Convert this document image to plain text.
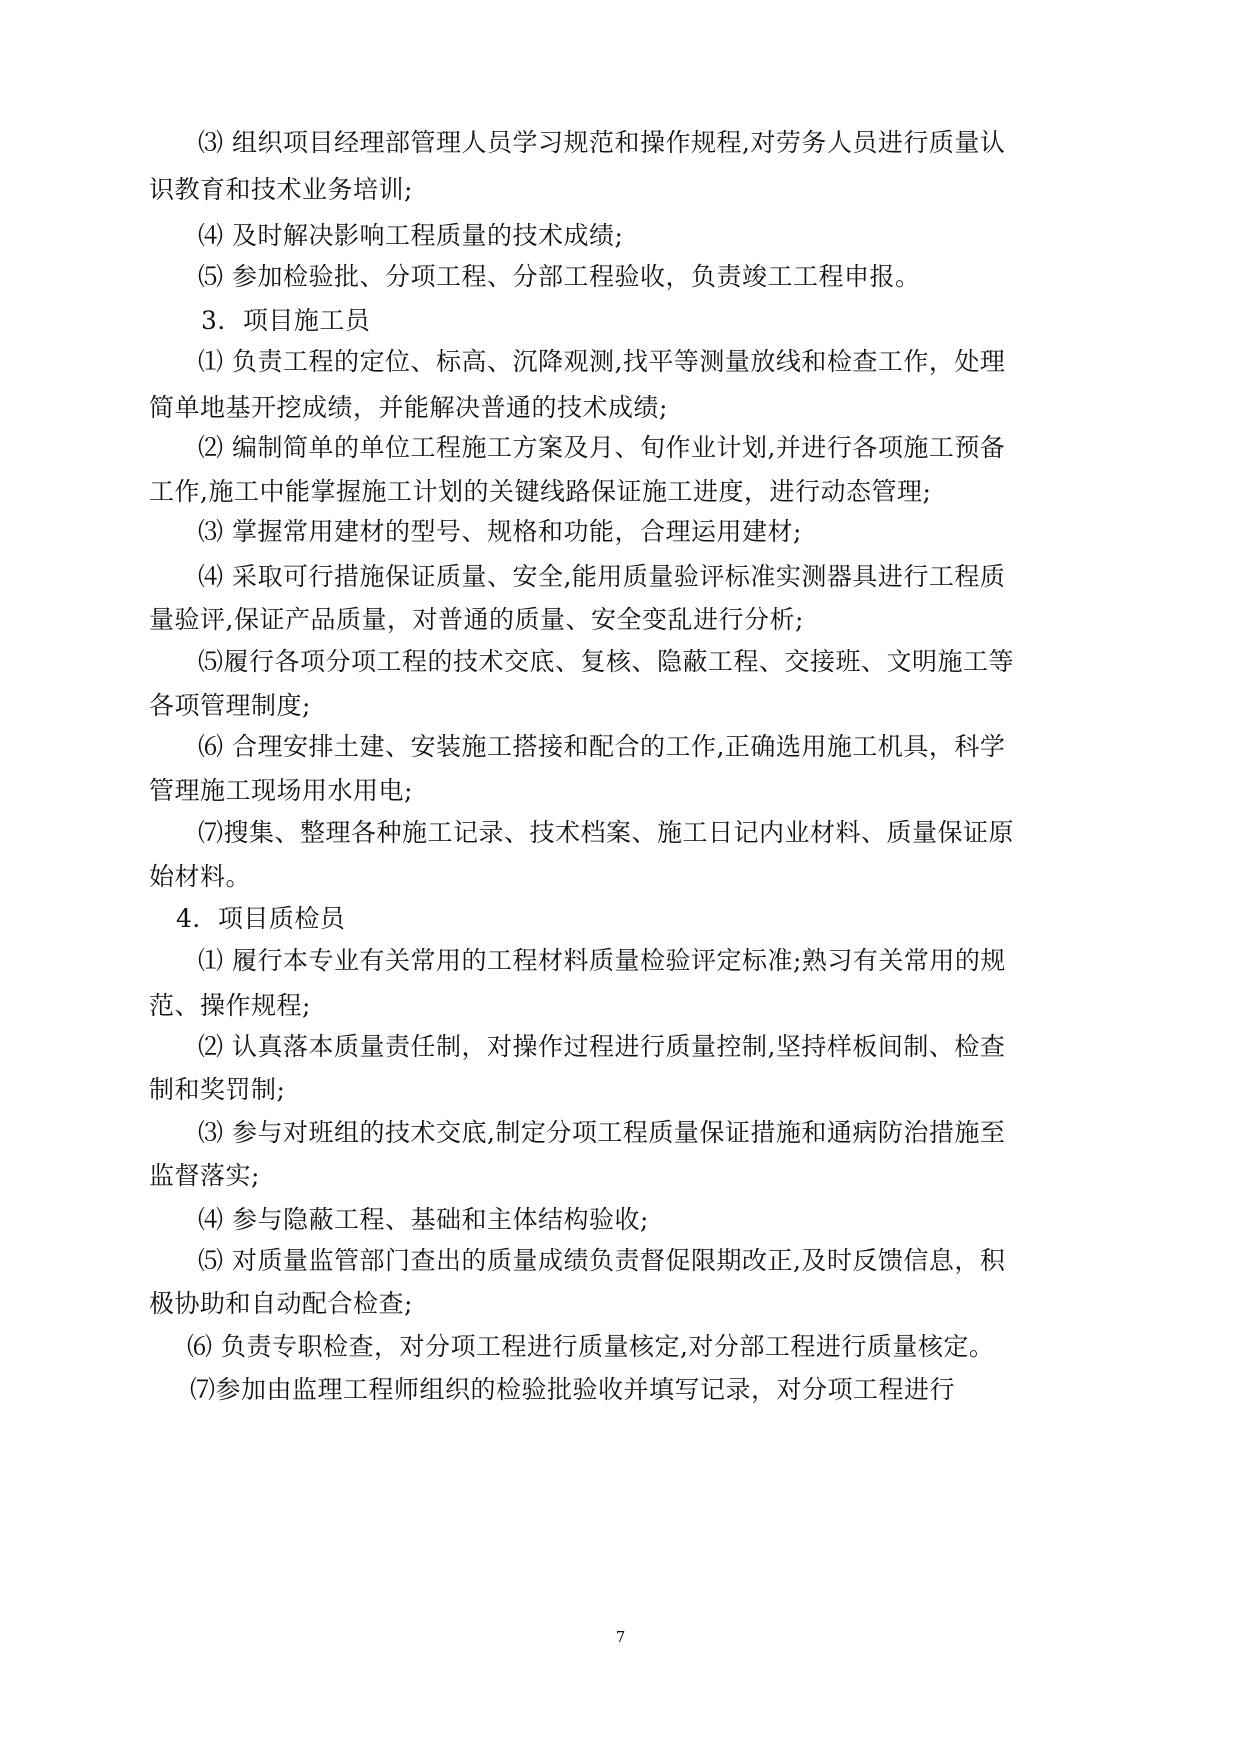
⑶ 组织项目经理部管理人员学习规范和操作规程,对劳务人员进行质量认
识教育和技术业务培训;
⑷ 及时解决影响工程质量的技术成绩;
⑸ 参加检验批、分项工程、分部工程验收，负责竣工工程申报。
3．项目施工员
⑴ 负责工程的定位、标高、沉降观测,找平等测量放线和检查工作，处理
简单地基开挖成绩，并能解决普通的技术成绩;
⑵ 编制简单的单位工程施工方案及月、旬作业计划,并进行各项施工预备
工作,施工中能掌握施工计划的关键线路保证施工进度，进行动态管理;
⑶ 掌握常用建材的型号、规格和功能，合理运用建材;
⑷ 采取可行措施保证质量、安全,能用质量验评标准实测器具进行工程质
量验评,保证产品质量，对普通的质量、安全变乱进行分析;
⑸履行各项分项工程的技术交底、复核、隐蔽工程、交接班、文明施工等
各项管理制度;
⑹ 合理安排土建、安装施工搭接和配合的工作,正确选用施工机具，科学
管理施工现场用水用电;
⑺搜集、整理各种施工记录、技术档案、施工日记内业材料、质量保证原
始材料。
4．项目质检员
⑴ 履行本专业有关常用的工程材料质量检验评定标准;熟习有关常用的规
范、操作规程;
⑵ 认真落本质量责任制，对操作过程进行质量控制,坚持样板间制、检查
制和奖罚制;
⑶ 参与对班组的技术交底,制定分项工程质量保证措施和通病防治措施至
监督落实;
⑷ 参与隐蔽工程、基础和主体结构验收;
⑸ 对质量监管部门查出的质量成绩负责督促限期改正,及时反馈信息，积
极协助和自动配合检查;
⑹ 负责专职检查，对分项工程进行质量核定,对分部工程进行质量核定。
⑺参加由监理工程师组织的检验批验收并填写记录，对分项工程进行
7
